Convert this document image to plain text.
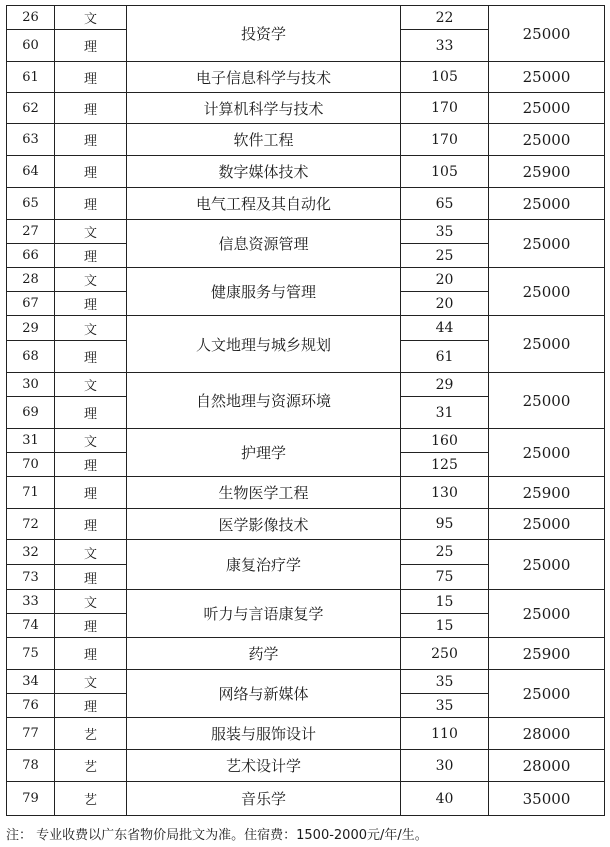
26	文	投资学	22	25000
60	理		33	
61	理	电子信息科学与技术	105	25000
62	理	计算机科学与技术	170	25000
63	理	软件工程	170	25000
64	理	数字媒体技术	105	25900
65	理	电气工程及其自动化	65	25000
27	文	信息资源管理	35	25000
66	理		25	
28	文	健康服务与管理	20	25000
67	理		20	
29	文	人文地理与城乡规划	44	25000
68	理		61	
30	文	自然地理与资源环境	29	25000
69	理		31	
31	文	护理学	160	25000
70	理		125	
71	理	生物医学工程	130	25900
72	理	医学影像技术	95	25000
32	文	康复治疗学	25	25000
73	理		75	
33	文	听力与言语康复学	15	25000
74	理		15	
75	理	药学	250	25900
34	文	网络与新媒体	35	25000
76	理		35	
77	艺	服装与服饰设计	110	28000
78	艺	艺术设计学	30	28000
79	艺	音乐学	40	35000
注： 专业收费以广东省物价局批文为准。住宿费：1500-2000元/年/生。
